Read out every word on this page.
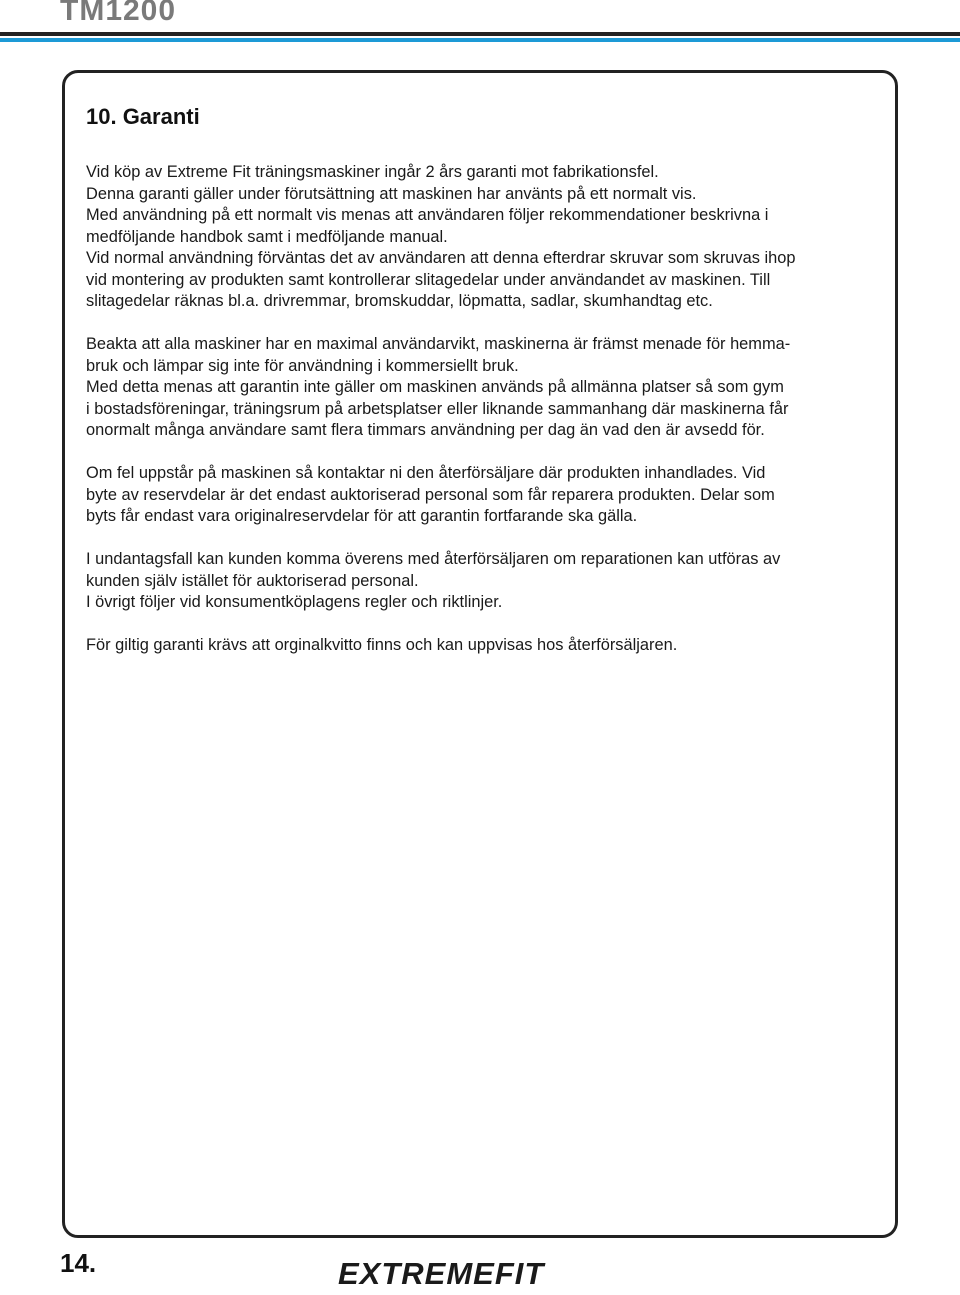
TM1200
10. Garanti

Vid köp av Extreme Fit träningsmaskiner ingår 2 års garanti mot fabrikationsfel.
Denna garanti gäller under förutsättning att maskinen har använts på ett normalt vis.
Med användning på ett normalt vis menas att användaren följer rekommendationer beskrivna i
medföljande handbok samt i medföljande manual.
Vid normal användning förväntas det av användaren att denna efterdrar skruvar som skruvas ihop
vid montering av produkten samt kontrollerar slitagedelar under användandet av maskinen. Till
slitagedelar räknas bl.a. drivremmar, bromskuddar, löpmatta, sadlar, skumhandtag etc.

Beakta att alla maskiner har en maximal användarvikt, maskinerna är främst menade för hemma-
bruk och lämpar sig inte för användning i kommersiellt bruk.
Med detta menas att garantin inte gäller om maskinen används på allmänna platser så som gym
i bostadsföreningar, träningsrum på arbetsplatser eller liknande sammanhang där maskinerna får
onormalt många användare samt flera timmars användning per dag än vad den är avsedd för.

Om fel uppstår på maskinen så kontaktar ni den återförsäljare där produkten inhandlades. Vid
byte av reservdelar är det endast auktoriserad personal som får reparera produkten. Delar som
byts får endast vara originalreservdelar för att garantin fortfarande ska gälla.

I undantagsfall kan kunden komma överens med återförsäljaren om reparationen kan utföras av
kunden själv istället för auktoriserad personal.
I övrigt följer vid konsumentköplagens regler och riktlinjer.

För giltig garanti krävs att orginalkvitto finns och kan uppvisas hos återförsäljaren.

14.	EXTREMEFIT
